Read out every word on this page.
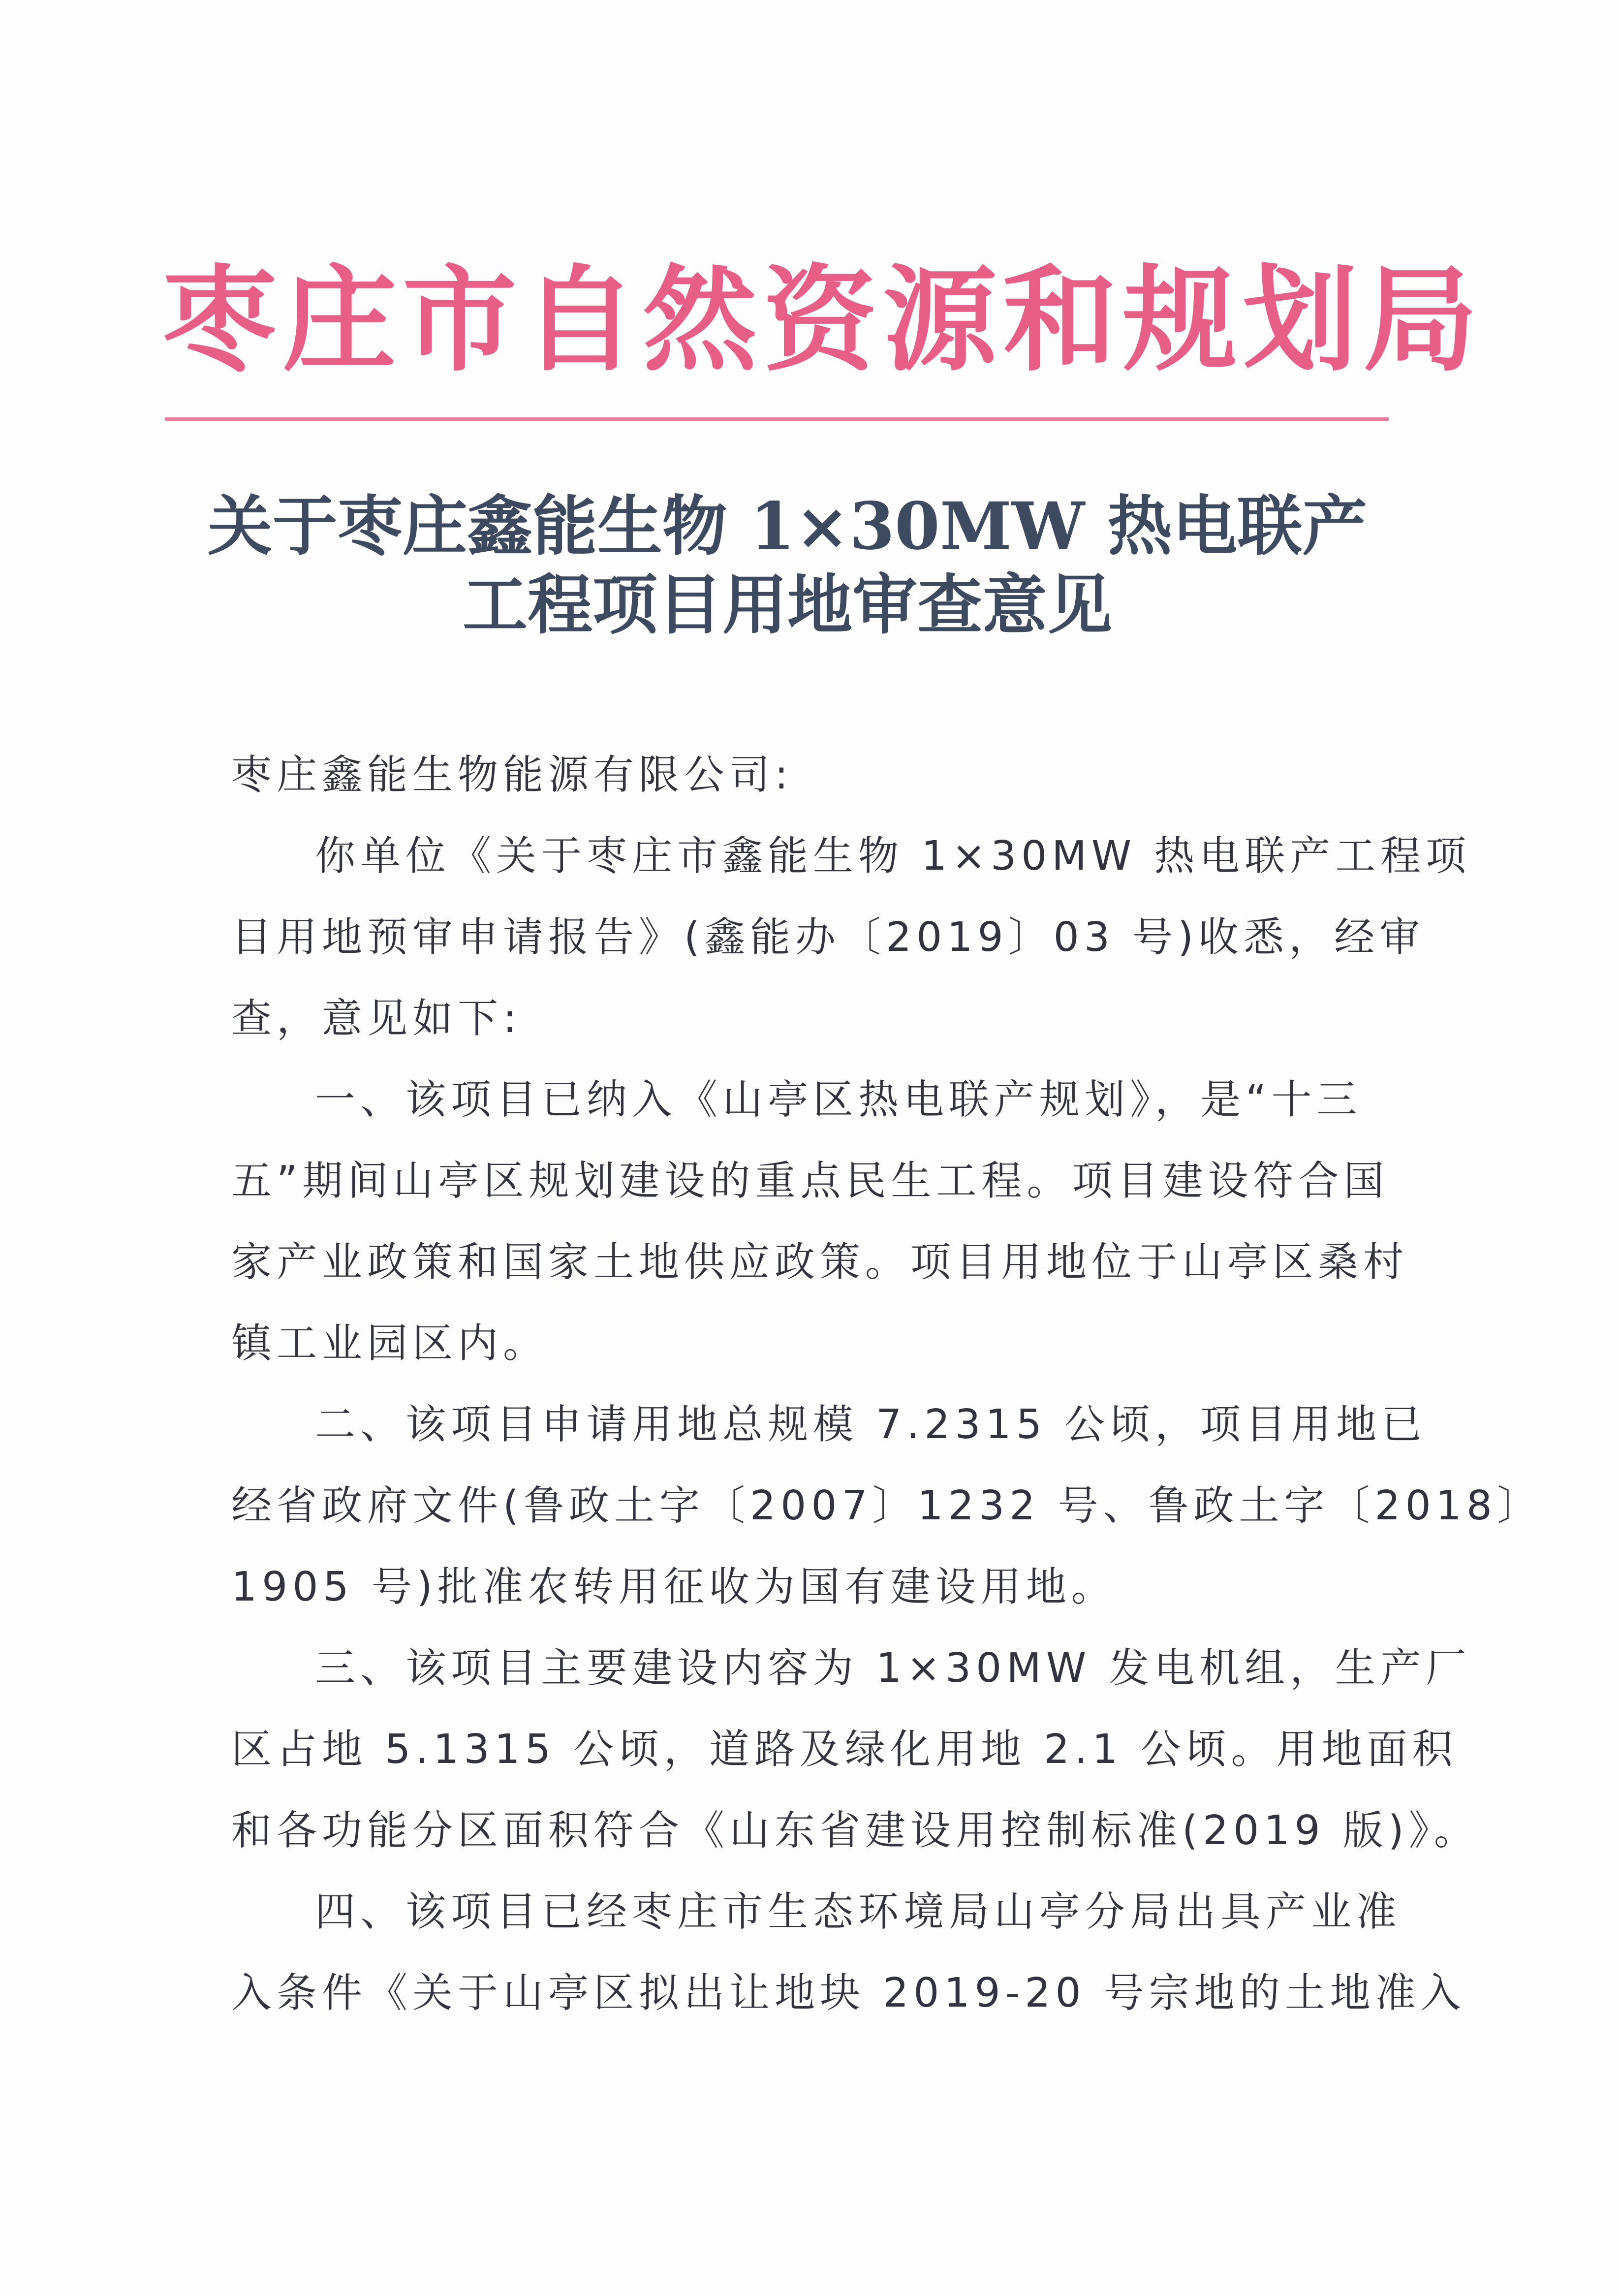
枣庄市自然资源和规划局
关于枣庄鑫能生物 1×30MW 热电联产
工程项目用地审查意见
枣庄鑫能生物能源有限公司:
你单位《关于枣庄市鑫能生物 1×30MW 热电联产工程项
目用地预审申请报告》(鑫能办〔2019〕03 号)收悉，经审
查，意见如下:
一、该项目已纳入《山亭区热电联产规划》，是“十三
五”期间山亭区规划建设的重点民生工程。项目建设符合国
家产业政策和国家土地供应政策。项目用地位于山亭区桑村
镇工业园区内。
二、该项目申请用地总规模 7.2315 公顷，项目用地已
经省政府文件(鲁政土字〔2007〕1232 号、鲁政土字〔2018〕
1905 号)批准农转用征收为国有建设用地。
三、该项目主要建设内容为 1×30MW 发电机组，生产厂
区占地 5.1315 公顷，道路及绿化用地 2.1 公顷。用地面积
和各功能分区面积符合《山东省建设用控制标准(2019 版)》。
四、该项目已经枣庄市生态环境局山亭分局出具产业准
入条件《关于山亭区拟出让地块 2019-20 号宗地的土地准入
